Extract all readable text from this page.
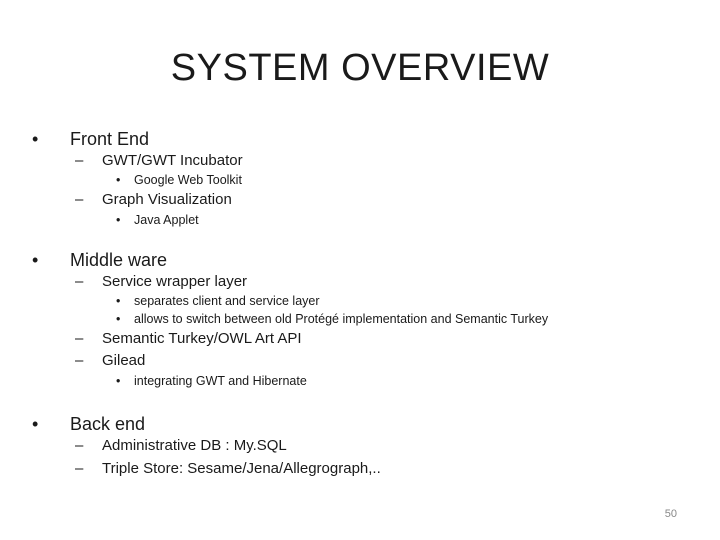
SYSTEM OVERVIEW
• Front End
– GWT/GWT Incubator
• Google Web Toolkit
– Graph Visualization
• Java Applet
• Middle ware
– Service wrapper layer
• separates client and service layer
• allows to switch between old Protégé implementation and Semantic Turkey
– Semantic Turkey/OWL Art API
– Gilead
• integrating GWT and Hibernate
• Back end
– Administrative DB : My.SQL
– Triple Store: Sesame/Jena/Allegrograph,..
50
